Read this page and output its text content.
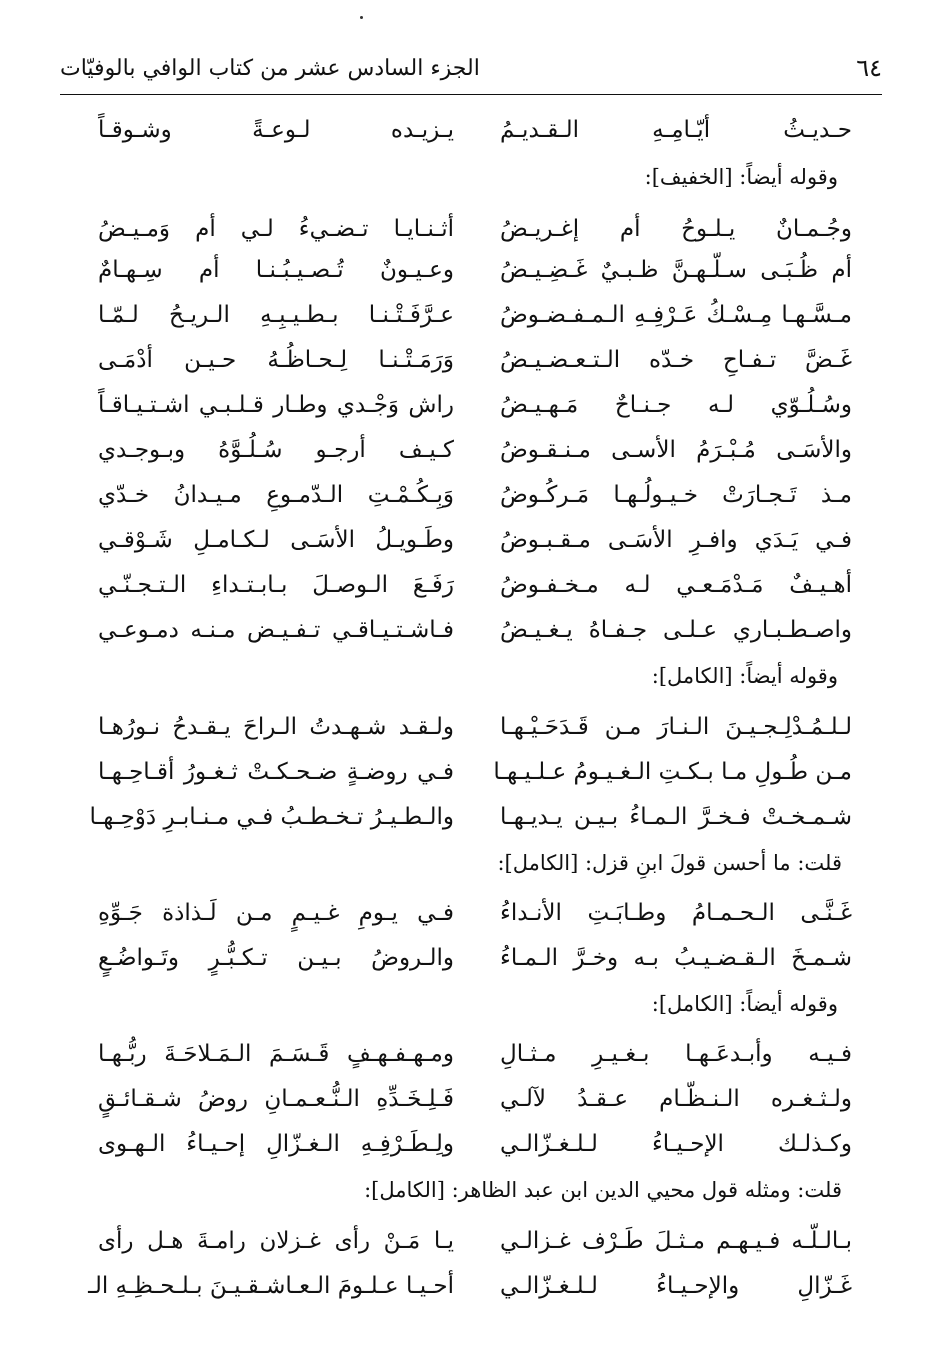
٦٤
الجزء السادس عشر من كتاب الوافي بالوفيّات
يـزيـده لـوعـةً وشـوقـاً حـديـثُ أيّـامِـهِ الـقـديـمُ
وقوله أيضاً: [الخفيف]:
أثـنـايـا تـضـيءُ لـي أم وَمـيـضُ وجُـمـانٌ يـلـوحُ أم إغـريـضُ
وعـيـونٌ تُـصـيـبُـنـا أم سِـهـامٌ أم ظُـبَـى سـلّـهـنَّ ظـبـيٌ غَـضِـيـضُ
عـرَّفَـتْـنـا بـطـيـبِـهِ الـريـحُ لـمّـا مـسَّـهـا مِـسْـكُ عَـرْفِـهِ الـمـفـضـوضُ
وَرَمَـتْـنـا لِـحـاظُـهُ حـيـن أدْمَـى غَـضَّ تـفـاحِ خـدّه الـتـعـضـيـضُ
راش وَجْـدي وطـار قـلـبـي اشـتـيـاقـاً وسُـلُـوّي لـه جـنـاحٌ مَـهـيـضُ
كـيـف أرجـو سُـلُـوَّهُ وبـوجـدي والأسَـى مُـبْـرَمُ الأسـى مـنـقـوضُ
وَبِـكُـمْـتِ الـدّمـوعِ مـيـدانُ خـدّي مـذ تَـجـارَتْ خـيـولُـهـا مَـركُـوضُ
وطَـويـلُ الأسَـى لـكـامـلِ شَـوْقـي فـي يَـدَي وافـرِ الأسَـى مـقـبـوضُ
رَفَـعَ الـوصـلَ بـابـتـداءِ الـتـجـنّـي أهـيـفٌ مَـدْمَـعـي لـه مـخـفـوضُ
فـاشـتـيـاقـي تـفـيـض مـنـه دمـوعـي واصـطـبـاري عـلـى جـفـاهُ يـغـيـضُ
وقوله أيضاً: [الكامل]:
ولـقـد شـهـدتُ الـراحَ يـقـدحُ نـورُهـا لـلـمُـدْلِـجـيـنَ الـنـارَ مـن قَـدَحَـيْـهـا
فـي روضـةٍ ضـحـكـتْ ثـغـورُ أقـاحِـهـا مـن طُـولِ مـا بـكـتِ الـغـيـومُ عـلـيـهـا
والـطـيـرُ تـخـطـبُ فـي مـنـابـرِ دَوْحِـهـا شـمـخـتْ فـخـرَّ الـمـاءُ بـيـن يـديـهـا
قلت: ما أحسن قولَ ابنِ قزل: [الكامل]:
فـي يـومِ غـيـمٍ مـن لَـذاذة جَـوِّهِ غَـنَّـى الـحـمـامُ وطـابَـتِ الأنـداءُ
والـروضُ بـيـن تـكـبُّـرٍ وتَـواضُـعٍ شـمـخَ الـقـضـيـبُ بـه وخـرَّ الـمـاءُ
وقوله أيضاً: [الكامل]:
ومـهـفـهـفٍ قَـسَـمَ الـمَـلاحَـةَ ربُّـهـا فـيـه وأبـدعَـهـا بـغـيـرِ مـثـالِ
فَـلِـخَـدِّهِ الـنُّـعـمـانِ روضُ شـقـائـقٍ ولـثـغـره الـنـظّـام عـقـدُ لآلـي
ولِـطَـرْفِـهِ الـغـزّالِ إحـيـاءُ الـهـوى وكـذلـك الإحـيـاءُ لـلـغـزّالـي
قلت: ومثله قول محيي الدين ابن عبد الظاهر: [الكامل]:
يـا مَـنْ رأى غـزلان رامـةَ هـل رأى بـالـلّـه فـيـهـم مـثـلَ طَـرْف غـزالـي
أحـيـا عـلـومَ الـعـاشـقـيـنَ بـلـحـظِـهِ الـ غَـزّالِ والإحـيـاءُ لـلـغـزّالـي
